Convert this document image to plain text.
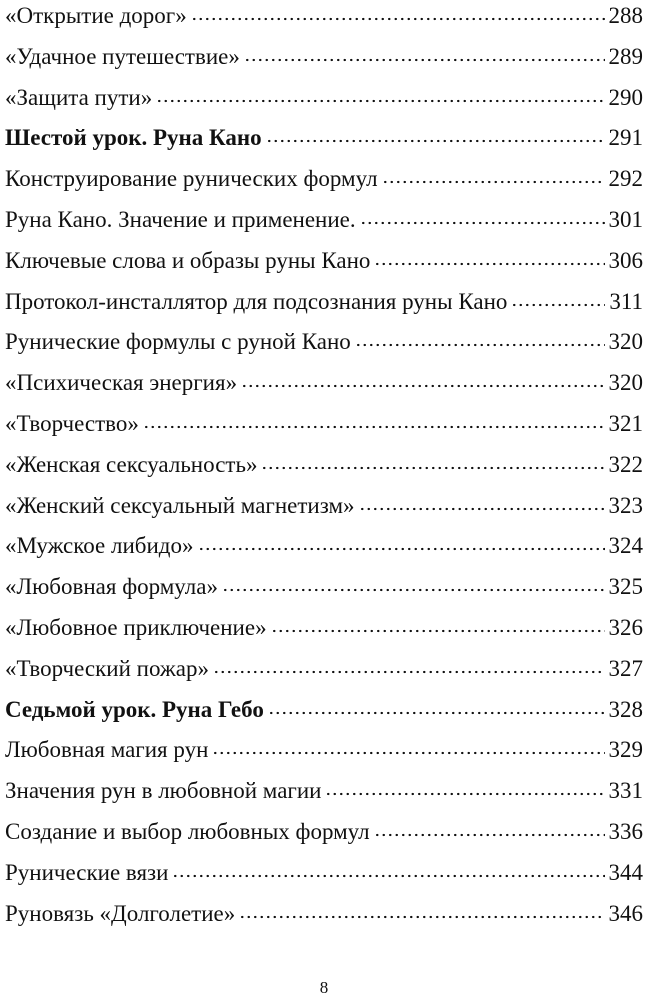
«Открытие дорог»	288
«Удачное путешествие»	289
«Защита пути»	290
Шестой урок. Руна Кано	291
Конструирование рунических формул	292
Руна Кано. Значение и применение.	301
Ключевые слова и образы руны Кано	306
Протокол-инсталлятор для подсознания руны Кано	311
Рунические формулы с руной Кано	320
«Психическая энергия»	320
«Творчество»	321
«Женская сексуальность»	322
«Женский сексуальный магнетизм»	323
«Мужское либидо»	324
«Любовная формула»	325
«Любовное приключение»	326
«Творческий пожар»	327
Седьмой урок. Руна Гебо	328
Любовная магия рун	329
Значения рун в любовной магии	331
Создание и выбор любовных формул	336
Рунические вязи	344
Руновязь «Долголетие»	346
8
